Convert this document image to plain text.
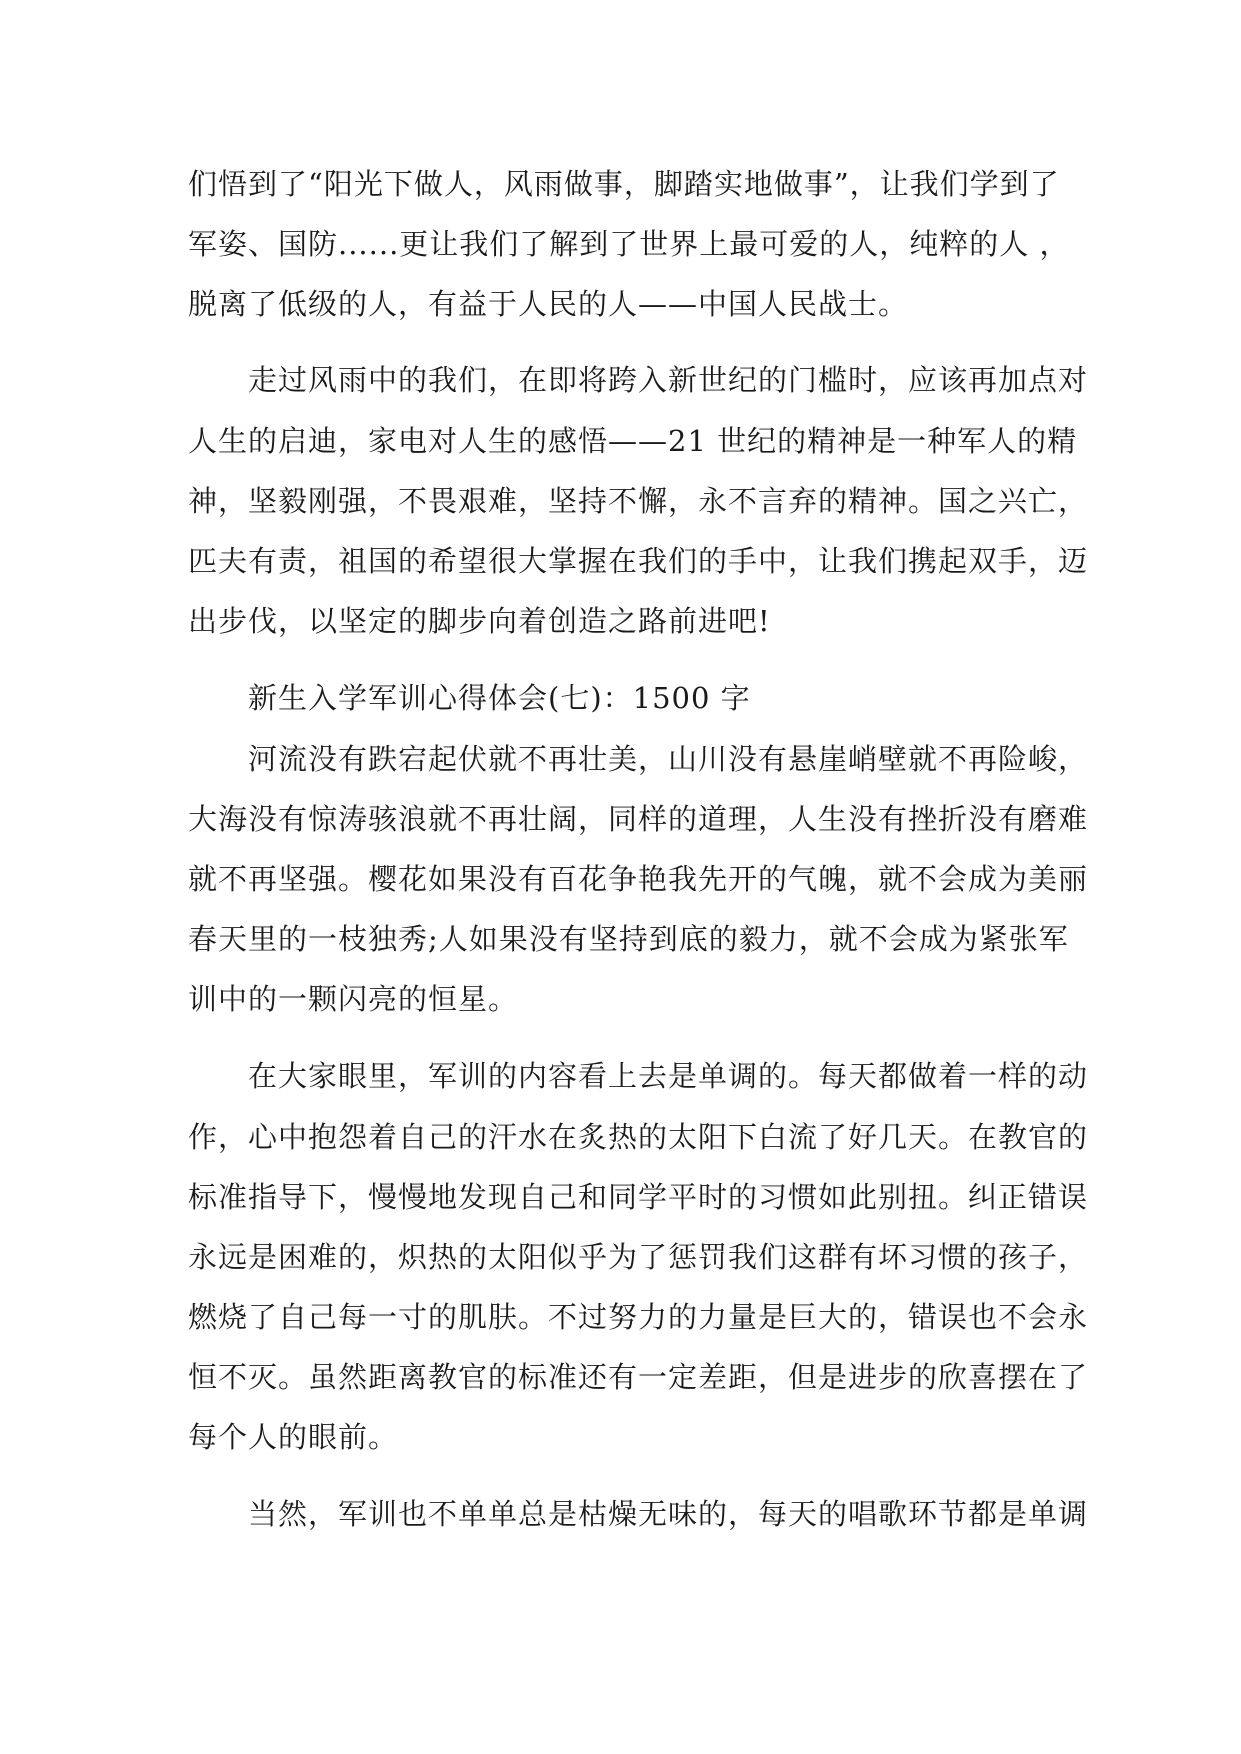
们悟到了“阳光下做人，风雨做事，脚踏实地做事”，让我们学到了
军姿、国防......更让我们了解到了世界上最可爱的人，纯粹的人 ，
脱离了低级的人，有益于人民的人——中国人民战士。
走过风雨中的我们，在即将跨入新世纪的门槛时，应该再加点对
人生的启迪，家电对人生的感悟——21 世纪的精神是一种军人的精
神，坚毅刚强，不畏艰难，坚持不懈，永不言弃的精神。国之兴亡，
匹夫有责，祖国的希望很大掌握在我们的手中，让我们携起双手，迈
出步伐，以坚定的脚步向着创造之路前进吧!
新生入学军训心得体会(七)：1500 字
河流没有跌宕起伏就不再壮美，山川没有悬崖峭壁就不再险峻，
大海没有惊涛骇浪就不再壮阔，同样的道理，人生没有挫折没有磨难
就不再坚强。樱花如果没有百花争艳我先开的气魄，就不会成为美丽
春天里的一枝独秀;人如果没有坚持到底的毅力，就不会成为紧张军
训中的一颗闪亮的恒星。
在大家眼里，军训的内容看上去是单调的。每天都做着一样的动
作，心中抱怨着自己的汗水在炙热的太阳下白流了好几天。在教官的
标准指导下，慢慢地发现自己和同学平时的习惯如此别扭。纠正错误
永远是困难的，炽热的太阳似乎为了惩罚我们这群有坏习惯的孩子，
燃烧了自己每一寸的肌肤。不过努力的力量是巨大的，错误也不会永
恒不灭。虽然距离教官的标准还有一定差距，但是进步的欣喜摆在了
每个人的眼前。
当然，军训也不单单总是枯燥无味的，每天的唱歌环节都是单调
